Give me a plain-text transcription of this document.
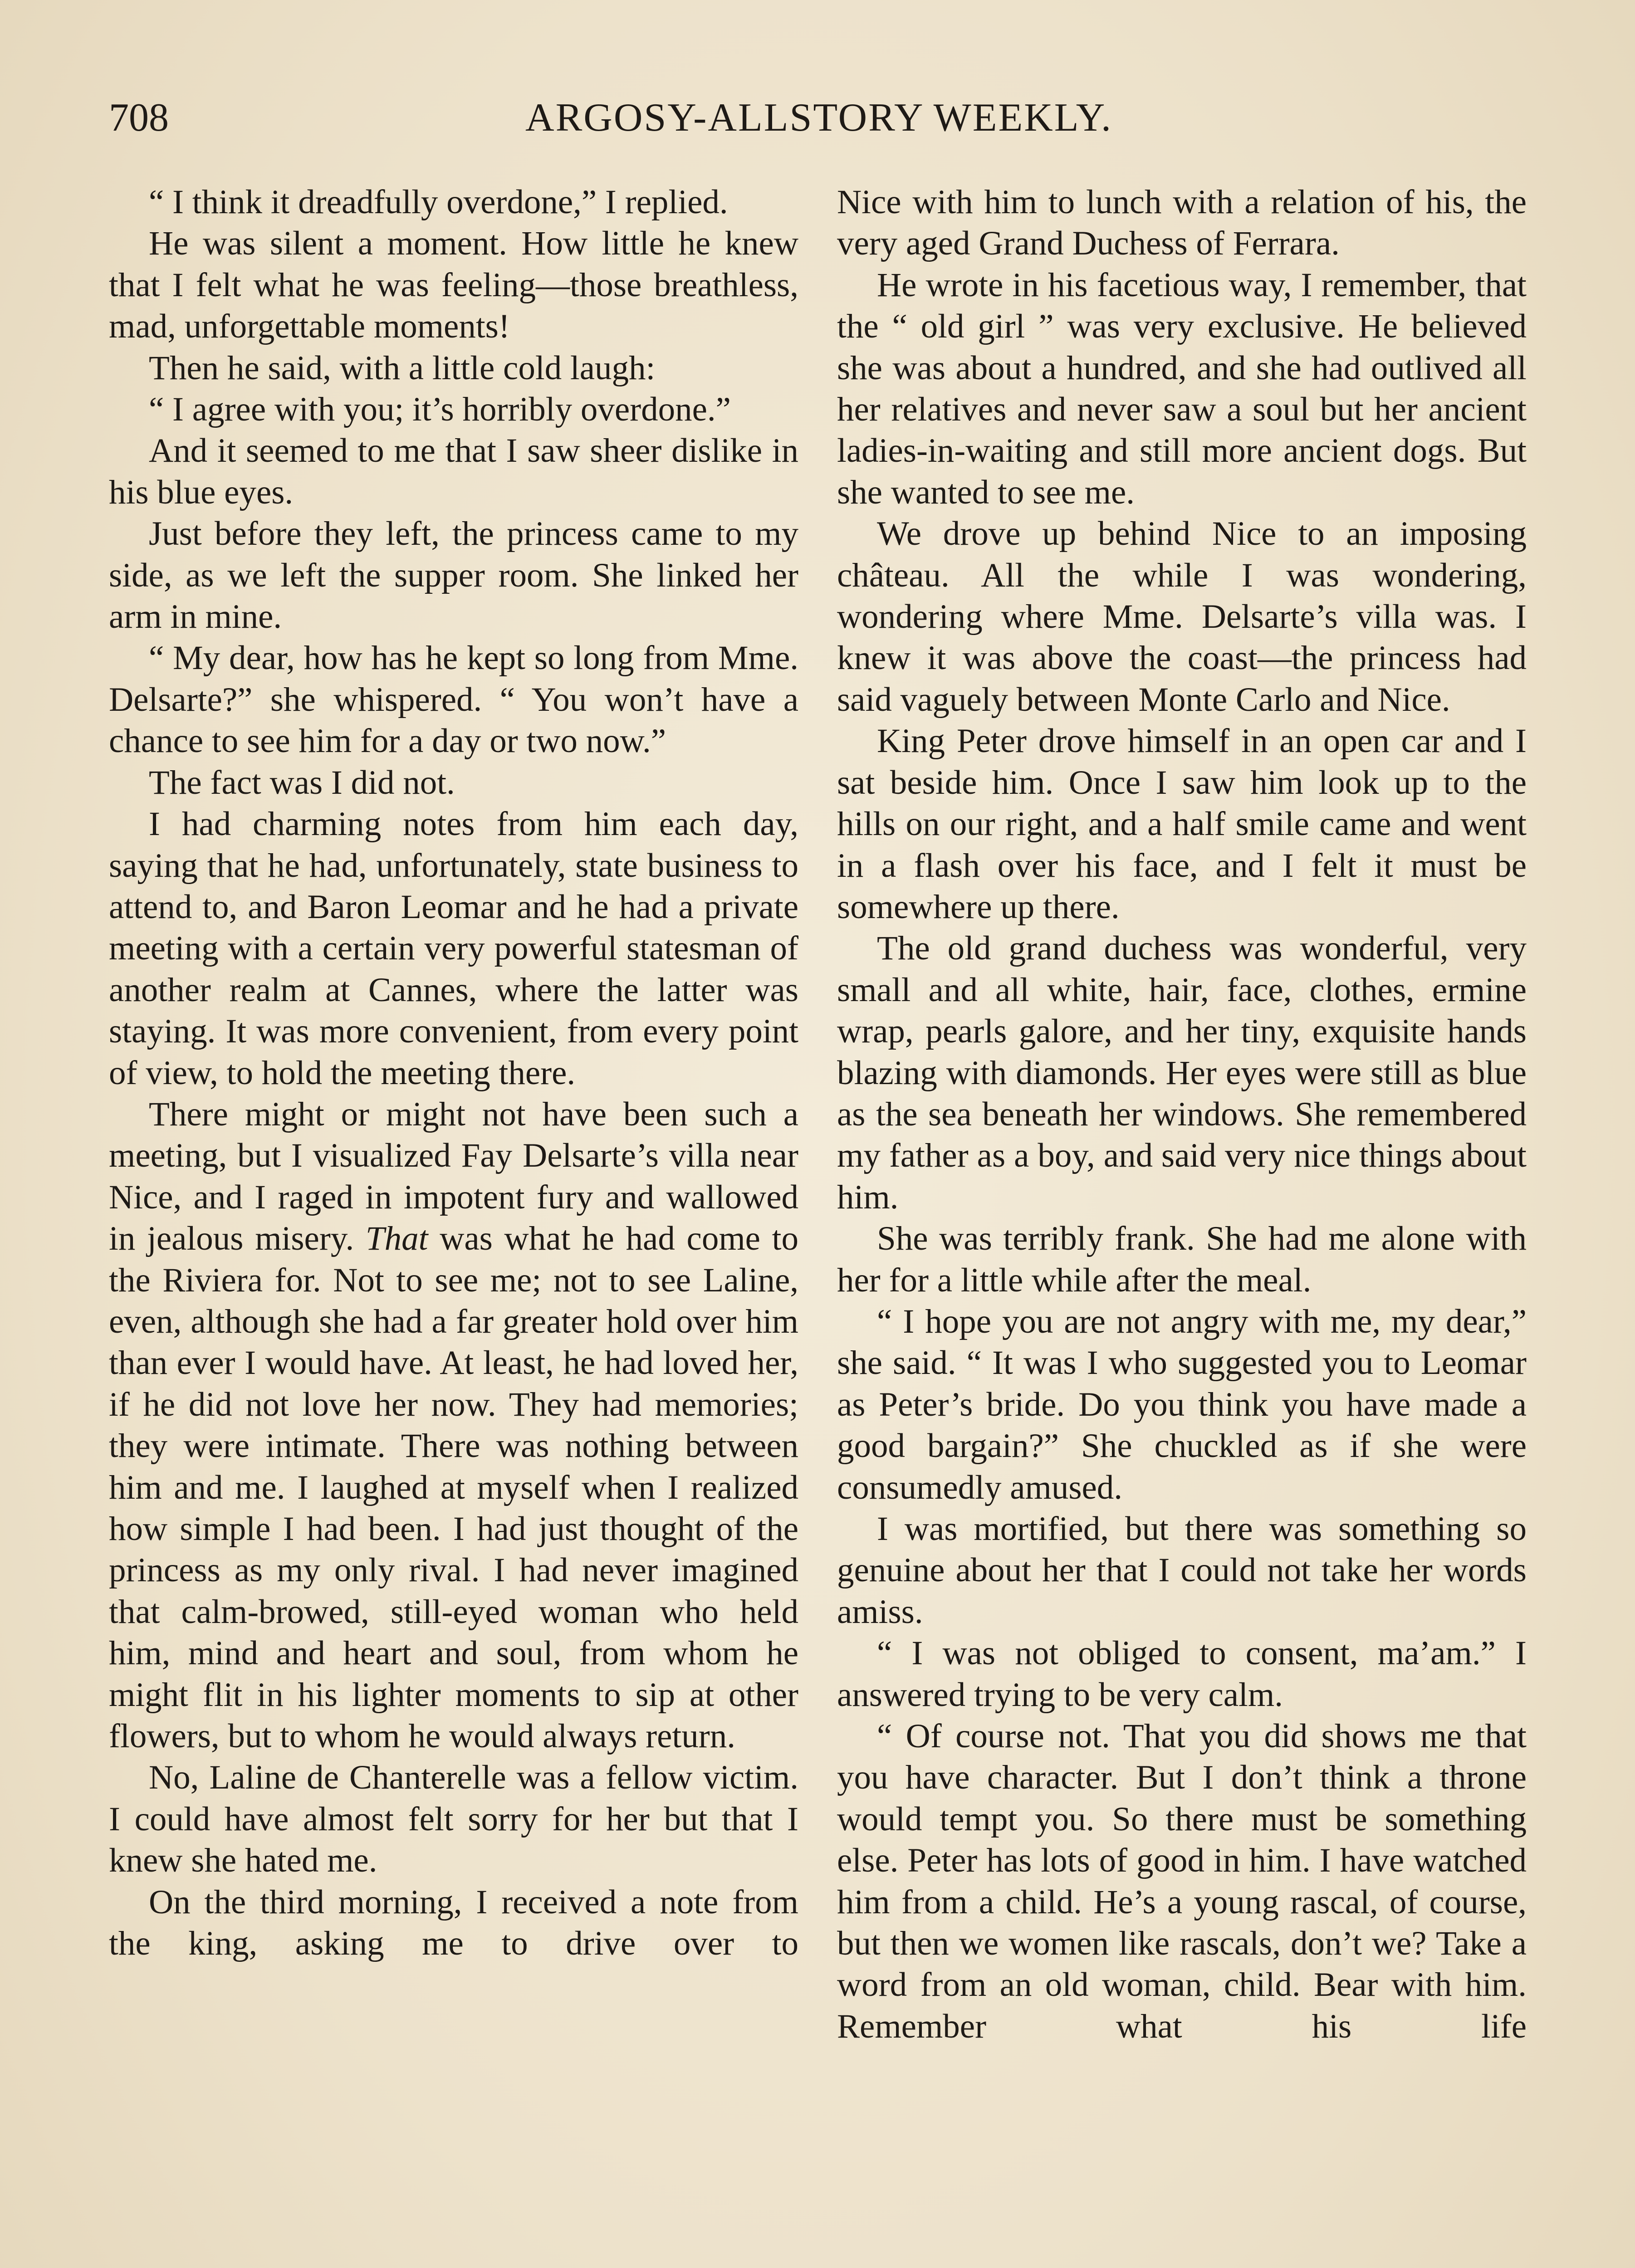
708	ARGOSY-ALLSTORY WEEKLY.

“ I think it dreadfully overdone,” I replied.

He was silent a moment. How little he knew that I felt what he was feeling—those breathless, mad, unforgettable moments!

Then he said, with a little cold laugh:

“ I agree with you; it’s horribly overdone.”

And it seemed to me that I saw sheer dislike in his blue eyes.

Just before they left, the princess came to my side, as we left the supper room. She linked her arm in mine.

“ My dear, how has he kept so long from Mme. Delsarte?” she whispered. “ You won’t have a chance to see him for a day or two now.”

The fact was I did not.

I had charming notes from him each day, saying that he had, unfortunately, state business to attend to, and Baron Leomar and he had a private meeting with a certain very powerful statesman of another realm at Cannes, where the latter was staying. It was more convenient, from every point of view, to hold the meeting there.

There might or might not have been such a meeting, but I visualized Fay Delsarte’s villa near Nice, and I raged in impotent fury and wallowed in jealous misery. That was what he had come to the Riviera for. Not to see me; not to see Laline, even, although she had a far greater hold over him than ever I would have. At least, he had loved her, if he did not love her now. They had memories; they were intimate. There was nothing between him and me. I laughed at myself when I realized how simple I had been. I had just thought of the princess as my only rival. I had never imagined that calm-browed, still-eyed woman who held him, mind and heart and soul, from whom he might flit in his lighter moments to sip at other flowers, but to whom he would always return.

No, Laline de Chanterelle was a fellow victim. I could have almost felt sorry for her but that I knew she hated me.

On the third morning, I received a note from the king, asking me to drive over to

Nice with him to lunch with a relation of his, the very aged Grand Duchess of Ferrara.

He wrote in his facetious way, I remember, that the “ old girl ” was very exclusive. He believed she was about a hundred, and she had outlived all her relatives and never saw a soul but her ancient ladies-in-waiting and still more ancient dogs. But she wanted to see me.

We drove up behind Nice to an imposing château. All the while I was wondering, wondering where Mme. Delsarte’s villa was. I knew it was above the coast—the princess had said vaguely between Monte Carlo and Nice.

King Peter drove himself in an open car and I sat beside him. Once I saw him look up to the hills on our right, and a half smile came and went in a flash over his face, and I felt it must be somewhere up there.

The old grand duchess was wonderful, very small and all white, hair, face, clothes, ermine wrap, pearls galore, and her tiny, exquisite hands blazing with diamonds. Her eyes were still as blue as the sea beneath her windows. She remembered my father as a boy, and said very nice things about him.

She was terribly frank. She had me alone with her for a little while after the meal.

“ I hope you are not angry with me, my dear,” she said. “ It was I who suggested you to Leomar as Peter’s bride. Do you think you have made a good bargain?” She chuckled as if she were consumedly amused.

I was mortified, but there was something so genuine about her that I could not take her words amiss.

“ I was not obliged to consent, ma’am.” I answered trying to be very calm.

“ Of course not. That you did shows me that you have character. But I don’t think a throne would tempt you. So there must be something else. Peter has lots of good in him. I have watched him from a child. He’s a young rascal, of course, but then we women like rascals, don’t we? Take a word from an old woman, child. Bear with him. Remember what his life
